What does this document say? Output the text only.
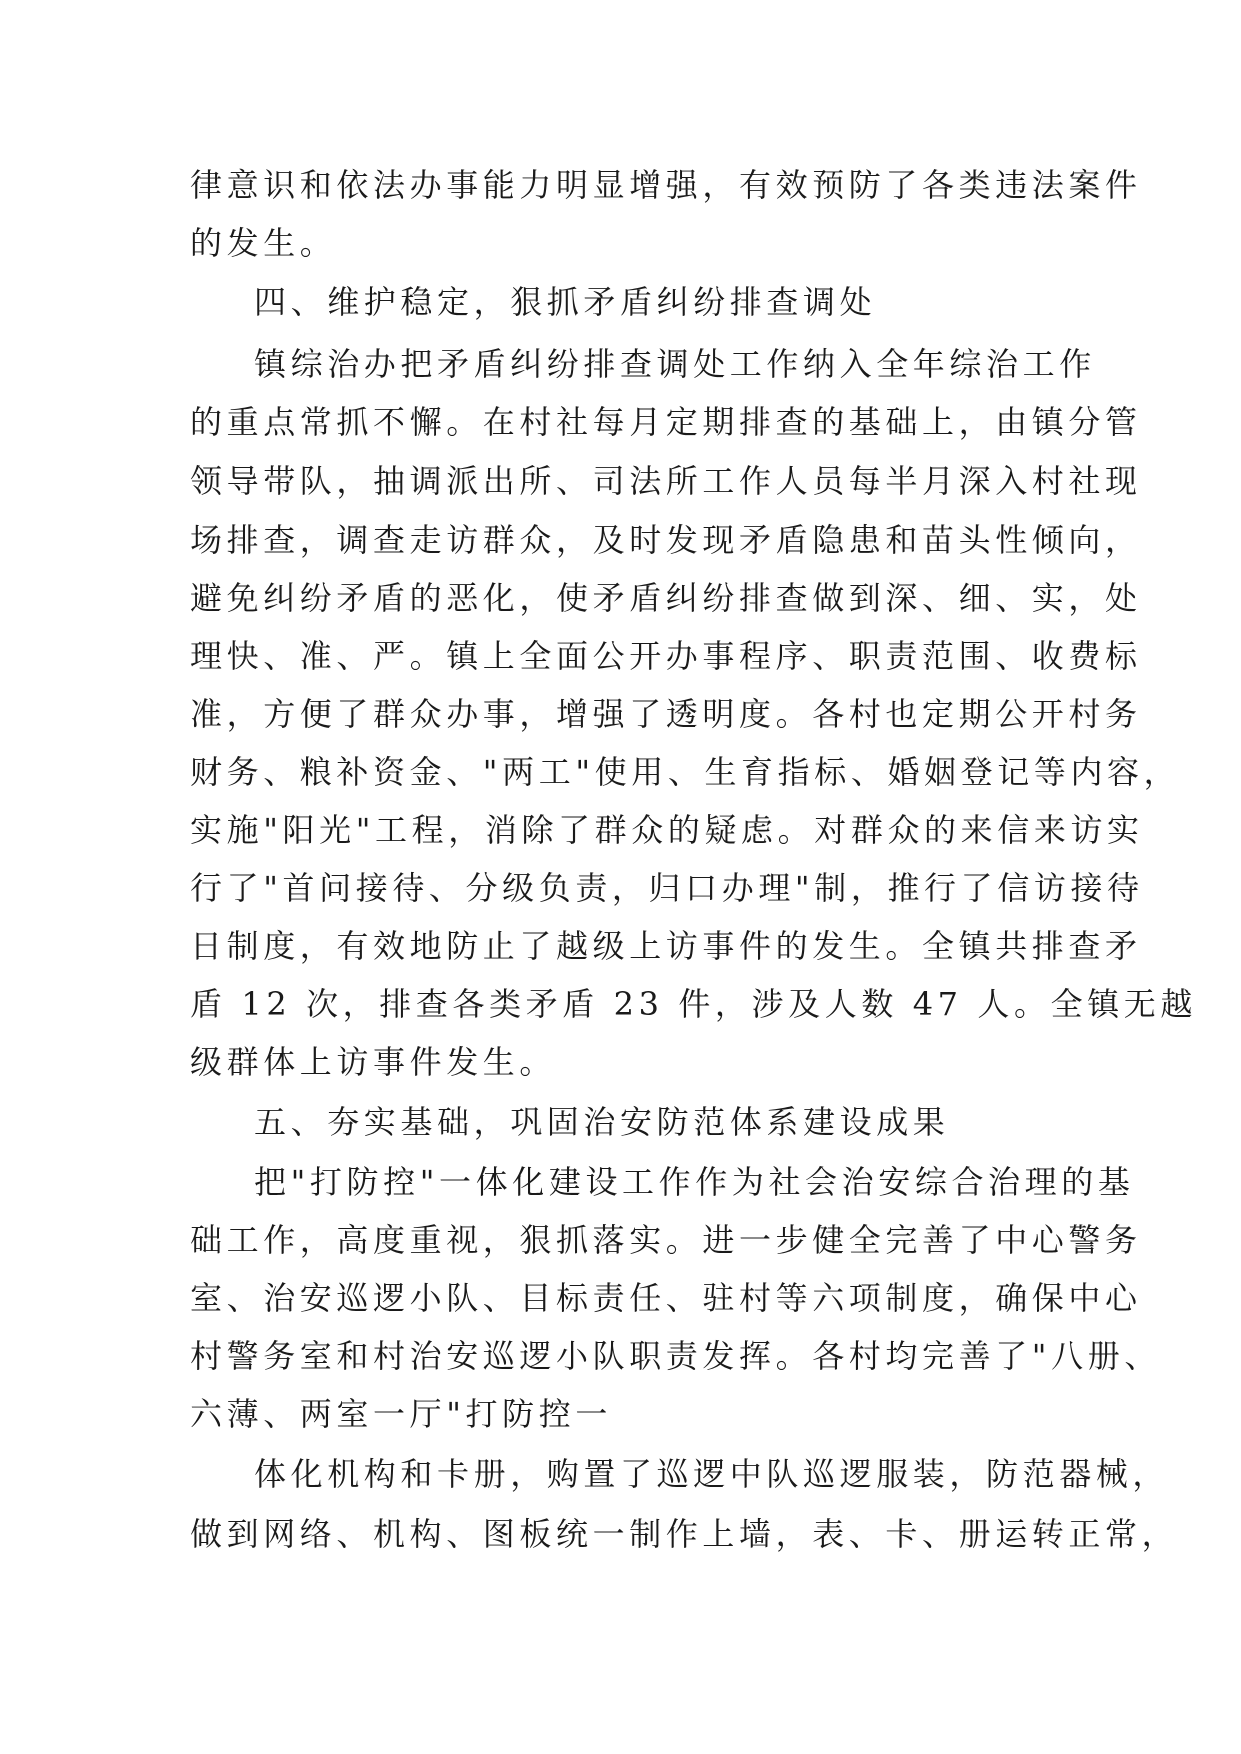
律意识和依法办事能力明显增强，有效预防了各类违法案件
的发生。
四、维护稳定，狠抓矛盾纠纷排查调处
镇综治办把矛盾纠纷排查调处工作纳入全年综治工作
的重点常抓不懈。在村社每月定期排查的基础上，由镇分管
领导带队，抽调派出所、司法所工作人员每半月深入村社现
场排查，调查走访群众，及时发现矛盾隐患和苗头性倾向，
避免纠纷矛盾的恶化，使矛盾纠纷排查做到深、细、实，处
理快、准、严。镇上全面公开办事程序、职责范围、收费标
准，方便了群众办事，增强了透明度。各村也定期公开村务
财务、粮补资金、"两工"使用、生育指标、婚姻登记等内容，
实施"阳光"工程，消除了群众的疑虑。对群众的来信来访实
行了"首问接待、分级负责，归口办理"制，推行了信访接待
日制度，有效地防止了越级上访事件的发生。全镇共排查矛
盾 12 次，排查各类矛盾 23 件，涉及人数 47 人。全镇无越
级群体上访事件发生。
五、夯实基础，巩固治安防范体系建设成果
把"打防控"一体化建设工作作为社会治安综合治理的基
础工作，高度重视，狠抓落实。进一步健全完善了中心警务
室、治安巡逻小队、目标责任、驻村等六项制度，确保中心
村警务室和村治安巡逻小队职责发挥。各村均完善了"八册、
六薄、两室一厅"打防控一
体化机构和卡册，购置了巡逻中队巡逻服装，防范器械，
做到网络、机构、图板统一制作上墙，表、卡、册运转正常，
